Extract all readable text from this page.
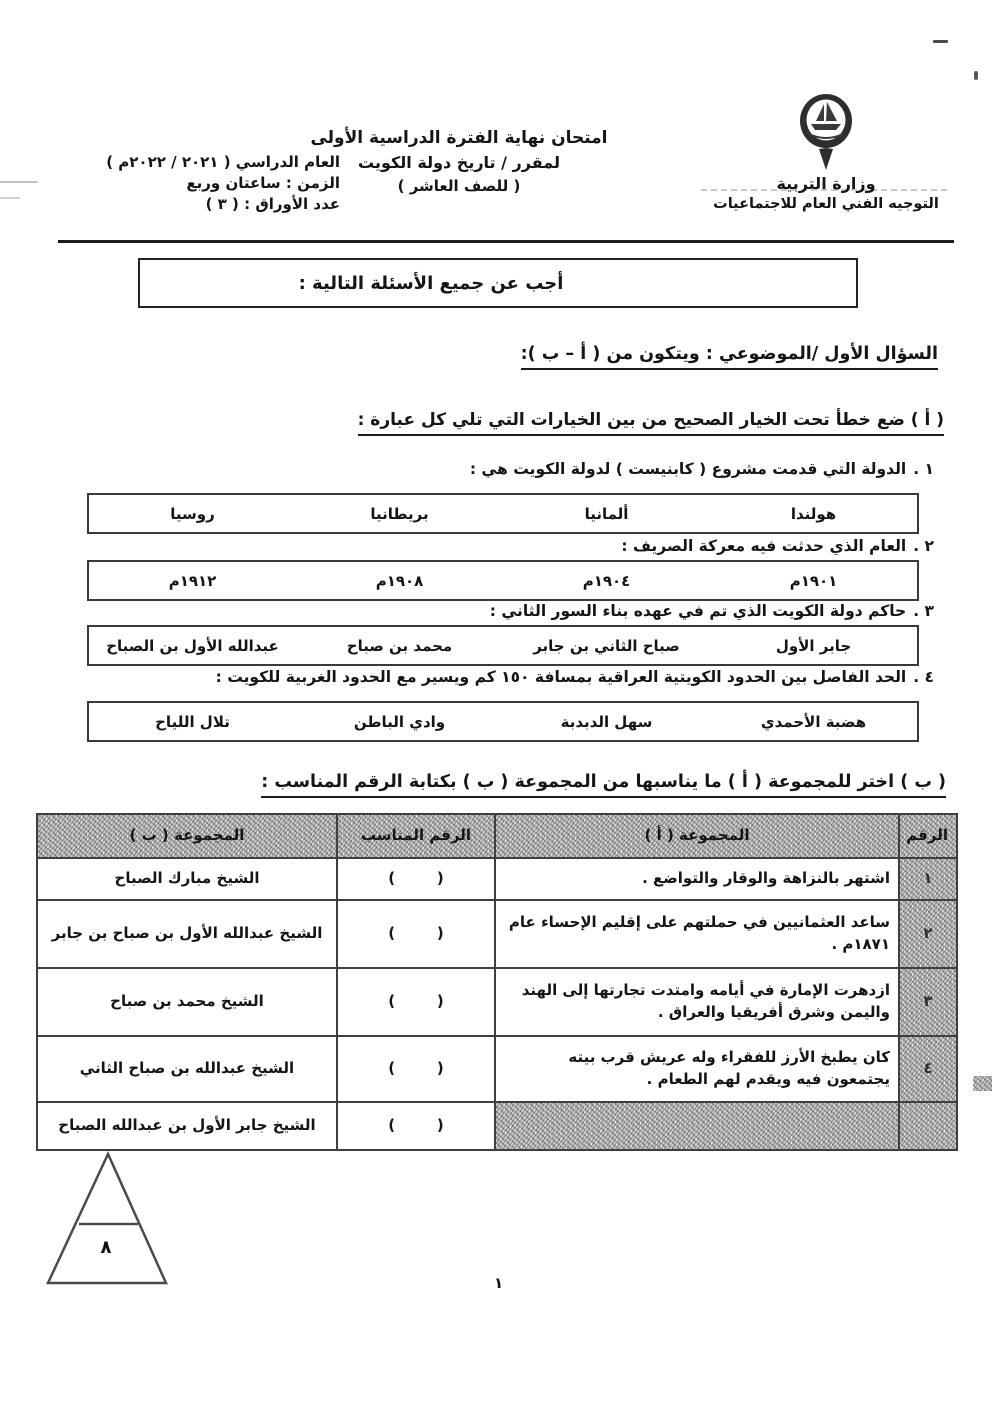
وزارة التربية

التوجيه الفني العام للاجتماعيات

امتحان نهاية الفترة الدراسية الأولى

لمقرر / تاريخ دولة الكويت

( للصف العاشر )

العام الدراسي ( ٢٠٢١ / ٢٠٢٢م )

الزمن : ساعتان وربع

عدد الأوراق : ( ٣ )

أجب عن جميع الأسئلة التالية :
السؤال الأول /الموضوعي : ويتكون من ( أ – ب ):
( أ ) ضع خطأ تحت الخيار الصحيح من بين الخيارات التي تلي كل عبارة :
١ .الدولة التي قدمت مشروع ( كابنيست ) لدولة الكويت هي :
هولندا
ألمانيا
بريطانيا
روسيا
٢ .العام الذي حدثت فيه معركة الصريف :
١٩٠١م
١٩٠٤م
١٩٠٨م
١٩١٢م
٣ .حاكم دولة الكويت الذي تم في عهده بناء السور الثاني :
جابر الأول
صباح الثاني بن جابر
محمد بن صباح
عبدالله الأول بن الصباح
٤ .الحد الفاصل بين الحدود الكويتية العراقية بمسافة ١٥٠ كم ويسير مع الحدود الغربية للكويت :
هضبة الأحمدي
سهل الدبدبة
وادي الباطن
تلال اللياح
( ب ) اختر للمجموعة ( أ ) ما يناسبها من المجموعة ( ب ) بكتابة الرقم المناسب :
الرقم	المجموعة ( أ )	الرقم المناسب	المجموعة ( ب )
١	اشتهر بالنزاهة والوقار والتواضع .	(        )	الشيخ مبارك الصباح
٢	ساعد العثمانيين في حملتهم على إقليم الإحساء عام ١٨٧١م .	(        )	الشيخ عبدالله الأول بن صباح بن جابر
٣	ازدهرت الإمارة في أيامه وامتدت تجارتها إلى الهند واليمن وشرق أفريقيا والعراق .	(        )	الشيخ محمد بن صباح
٤	كان يطبخ الأرز للفقراء وله عريش قرب بيته يجتمعون فيه ويقدم لهم الطعام .	(        )	الشيخ عبدالله بن صباح الثاني
		(        )	الشيخ جابر الأول بن عبدالله الصباح
٨
١
